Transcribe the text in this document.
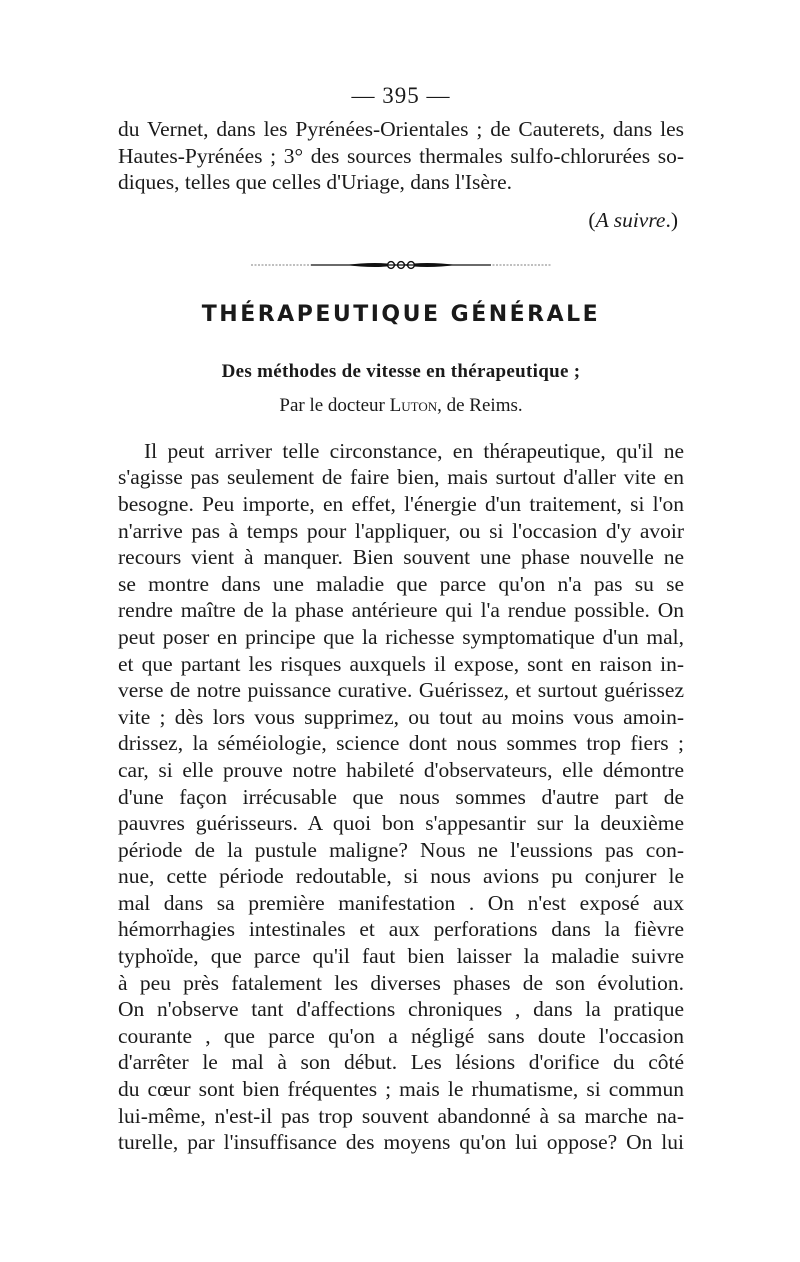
— 395 —
du Vernet, dans les Pyrénées-Orientales ; de Cauterets, dans les
Hautes-Pyrénées ; 3° des sources thermales sulfo-chlorurées so-
diques, telles que celles d'Uriage, dans l'Isère.
(A suivre.)
THÉRAPEUTIQUE GÉNÉRALE
Des méthodes de vitesse en thérapeutique ;
Par le docteur Luton, de Reims.
Il peut arriver telle circonstance, en thérapeutique, qu'il ne
s'agisse pas seulement de faire bien, mais surtout d'aller vite en
besogne. Peu importe, en effet, l'énergie d'un traitement, si l'on
n'arrive pas à temps pour l'appliquer, ou si l'occasion d'y avoir
recours vient à manquer. Bien souvent une phase nouvelle ne
se montre dans une maladie que parce qu'on n'a pas su se
rendre maître de la phase antérieure qui l'a rendue possible. On
peut poser en principe que la richesse symptomatique d'un mal,
et que partant les risques auxquels il expose, sont en raison in-
verse de notre puissance curative. Guérissez, et surtout guérissez
vite ; dès lors vous supprimez, ou tout au moins vous amoin-
drissez, la séméiologie, science dont nous sommes trop fiers ;
car, si elle prouve notre habileté d'observateurs, elle démontre
d'une façon irrécusable que nous sommes d'autre part de
pauvres guérisseurs. A quoi bon s'appesantir sur la deuxième
période de la pustule maligne? Nous ne l'eussions pas con-
nue, cette période redoutable, si nous avions pu conjurer le
mal dans sa première manifestation . On n'est exposé aux
hémorrhagies intestinales et aux perforations dans la fièvre
typhoïde, que parce qu'il faut bien laisser la maladie suivre
à peu près fatalement les diverses phases de son évolution.
On n'observe tant d'affections chroniques , dans la pratique
courante , que parce qu'on a négligé sans doute l'occasion
d'arrêter le mal à son début. Les lésions d'orifice du côté
du cœur sont bien fréquentes ; mais le rhumatisme, si commun
lui-même, n'est-il pas trop souvent abandonné à sa marche na-
turelle, par l'insuffisance des moyens qu'on lui oppose? On lui
